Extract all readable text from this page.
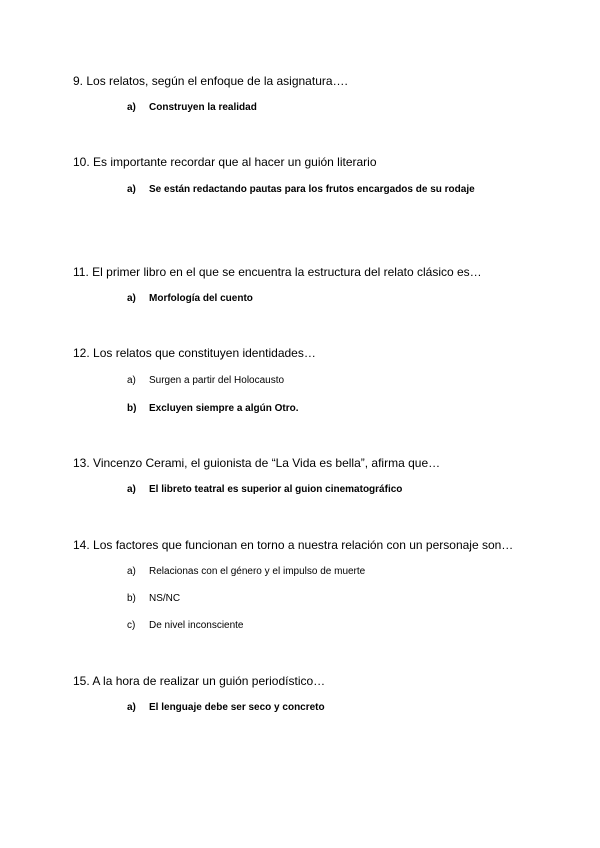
9. Los relatos, según el enfoque de la asignatura….
a) Construyen la realidad
10. Es importante recordar que al hacer un guión literario
a) Se están redactando pautas para los frutos encargados de su rodaje
11. El primer libro en el que se encuentra la estructura del relato clásico es…
a) Morfología del cuento
12. Los relatos que constituyen identidades…
a) Surgen a partir del Holocausto
b) Excluyen siempre a algún Otro.
13. Vincenzo Cerami, el guionista de “La Vida es bella”, afirma que…
a) El libreto teatral es superior al guion cinematográfico
14. Los factores que funcionan en torno a nuestra relación con un personaje son…
a) Relacionas con el género y el impulso de muerte
b) NS/NC
c) De nivel inconsciente
15. A la hora de realizar un guión periodístico…
a) El lenguaje debe ser seco y concreto
